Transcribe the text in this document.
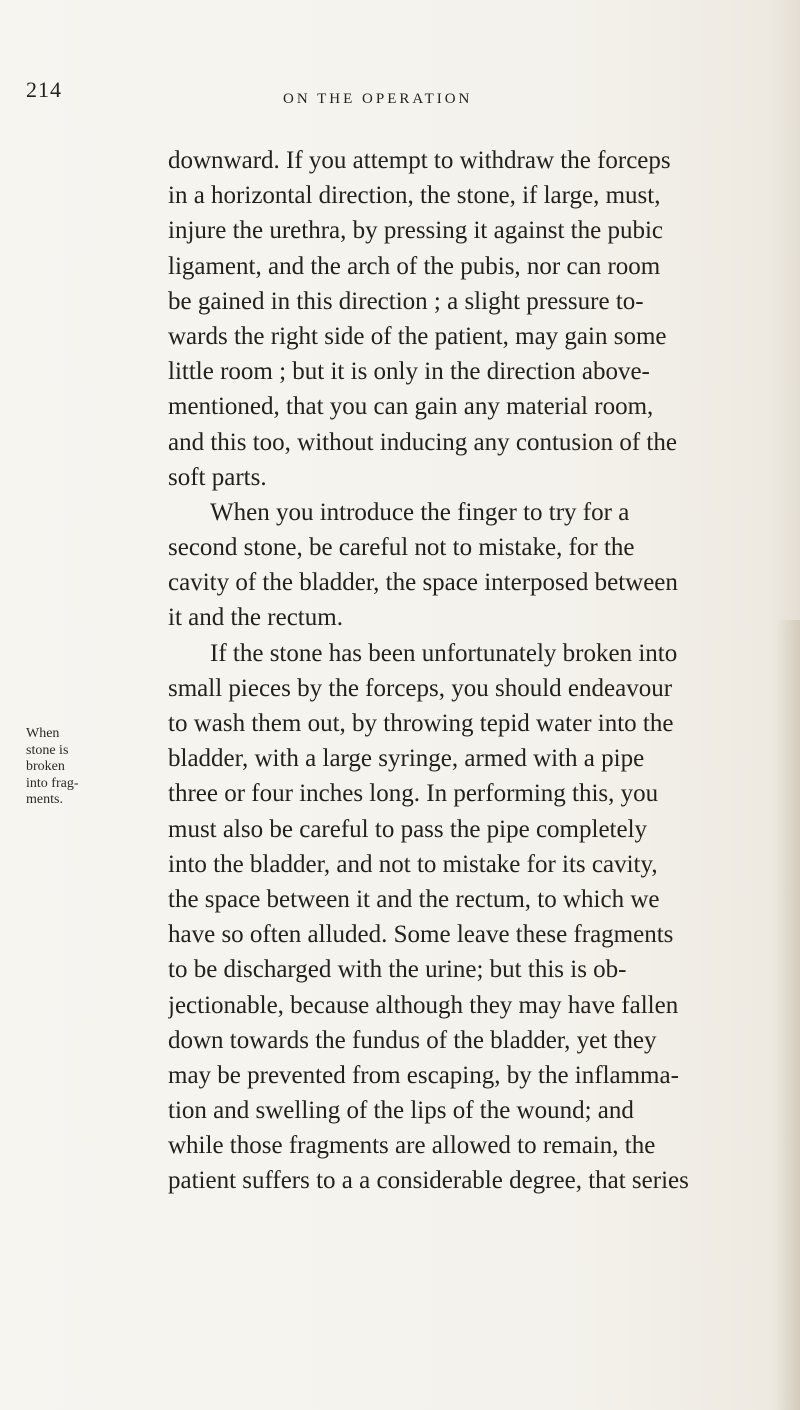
214	ON THE OPERATION
When
stone is
broken
into frag-
ments.
downward. If you attempt to withdraw the forceps
in a horizontal direction, the stone, if large, must,
injure the urethra, by pressing it against the pubic
ligament, and the arch of the pubis, nor can room
be gained in this direction ; a slight pressure to-
wards the right side of the patient, may gain some
little room ; but it is only in the direction above-
mentioned, that you can gain any material room,
and this too, without inducing any contusion of the
soft parts.
When you introduce the finger to try for a
second stone, be careful not to mistake, for the
cavity of the bladder, the space interposed between
it and the rectum.
If the stone has been unfortunately broken into
small pieces by the forceps, you should endeavour
to wash them out, by throwing tepid water into the
bladder, with a large syringe, armed with a pipe
three or four inches long. In performing this, you
must also be careful to pass the pipe completely
into the bladder, and not to mistake for its cavity,
the space between it and the rectum, to which we
have so often alluded. Some leave these fragments
to be discharged with the urine; but this is ob-
jectionable, because although they may have fallen
down towards the fundus of the bladder, yet they
may be prevented from escaping, by the inflamma-
tion and swelling of the lips of the wound; and
while those fragments are allowed to remain, the
patient suffers to a a considerable degree, that series
